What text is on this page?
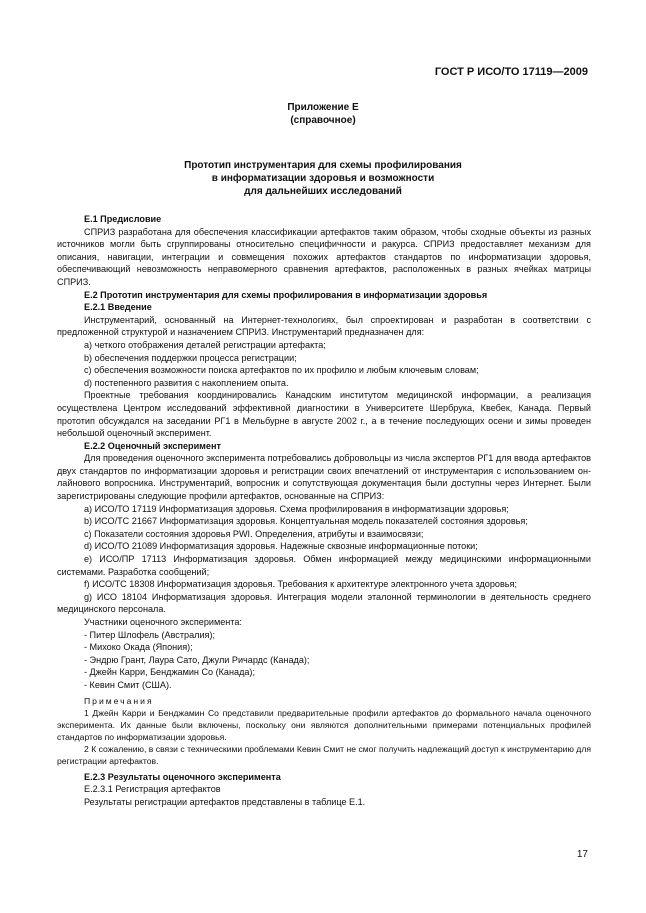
ГОСТ Р ИСО/ТО 17119—2009
Приложение Е
(справочное)
Прототип инструментария для схемы профилирования
в информатизации здоровья и возможности
для дальнейших исследований

Е.1 Предисловие

СПРИЗ разработана для обеспечения классификации артефактов таким образом, чтобы сходные объекты из разных источников могли быть сгруппированы относительно специфичности и ракурса. СПРИЗ предоставляет механизм для описания, навигации, интеграции и совмещения похожих артефактов стандартов по информатизации здоровья, обеспечивающий невозможность неправомерного сравнения артефактов, расположенных в разных ячейках матрицы СПРИЗ.

Е.2 Прототип инструментария для схемы профилирования в информатизации здоровья

Е.2.1 Введение

Инструментарий, основанный на Интернет-технологиях, был спроектирован и разработан в соответствии с предложенной структурой и назначением СПРИЗ. Инструментарий предназначен для:

а) четкого отображения деталей регистрации артефакта;

b) обеспечения поддержки процесса регистрации;

c) обеспечения возможности поиска артефактов по их профилю и любым ключевым словам;

d) постепенного развития с накоплением опыта.

Проектные требования координировались Канадским институтом медицинской информации, а реализация осуществлена Центром исследований эффективной диагностики в Университете Шербрука, Квебек, Канада. Первый прототип обсуждался на заседании РГ1 в Мельбурне в августе 2002 г., а в течение последующих осени и зимы проведен небольшой оценочный эксперимент.

Е.2.2 Оценочный эксперимент

Для проведения оценочного эксперимента потребовались добровольцы из числа экспертов РГ1 для ввода артефактов двух стандартов по информатизации здоровья и регистрации своих впечатлений от инструментария с использованием он-лайнового вопросника. Инструментарий, вопросник и сопутствующая документация были доступны через Интернет. Были зарегистрированы следующие профили артефактов, основанные на СПРИЗ:

а) ИСО/ТО 17119 Информатизация здоровья. Схема профилирования в информатизации здоровья;

b) ИСО/ТС 21667 Информатизация здоровья. Концептуальная модель показателей состояния здоровья;

с) Показатели состояния здоровья PWI. Определения, атрибуты и взаимосвязи;

d) ИСО/ТО 21089 Информатизация здоровья. Надежные сквозные информационные потоки;

e) ИСО/ПР 17113 Информатизация здоровья. Обмен информацией между медицинскими информационными системами. Разработка сообщений;

f) ИСО/ТС 18308 Информатизация здоровья. Требования к архитектуре электронного учета здоровья;

g) ИСО 18104 Информатизация здоровья. Интеграция модели эталонной терминологии в деятельность среднего медицинского персонала.

Участники оценочного эксперимента:

- Питер Шлофель (Австралия);

- Михоко Окада (Япония);

- Эндрю Грант, Лаура Сато, Джули Ричардс (Канада);

- Джейн Карри, Бенджамин Со (Канада);

- Кевин Смит (США).

Примечания

1 Джейн Карри и Бенджамин Со представили предварительные профили артефактов до формального начала оценочного эксперимента. Их данные были включены, поскольку они являются дополнительными примерами потенциальных профилей стандартов по информатизации здоровья.

2 К сожалению, в связи с техническими проблемами Кевин Смит не смог получить надлежащий доступ к инструментарию для регистрации артефактов.

Е.2.3 Результаты оценочного эксперимента

Е.2.3.1 Регистрация артефактов

Результаты регистрации артефактов представлены в таблице Е.1.

17
